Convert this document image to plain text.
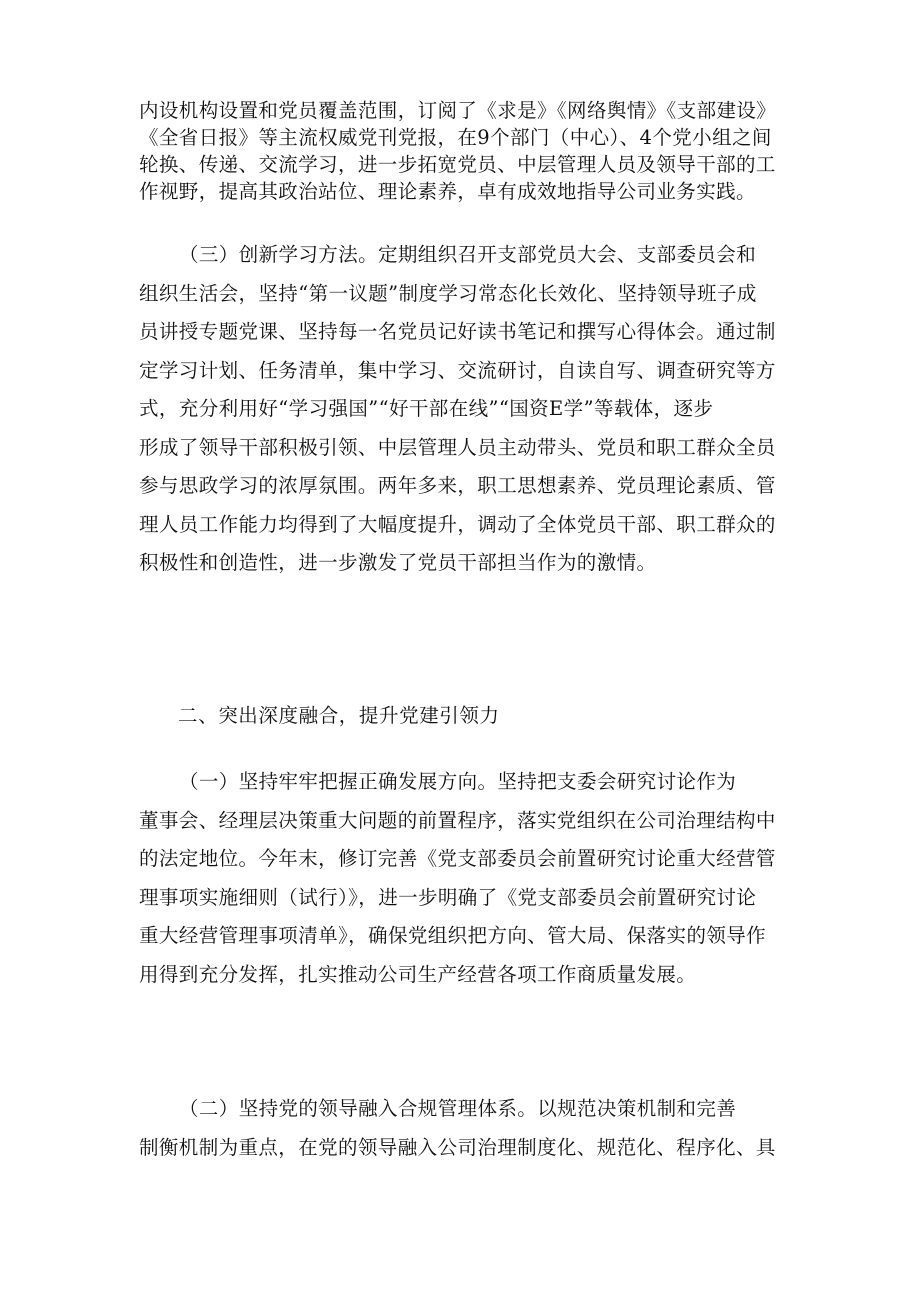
内设机构设置和党员覆盖范围，订阅了《求是》《网络舆情》《支部建设》
《全省日报》等主流权威党刊党报，在9个部门（中心）、4个党小组之间
轮换、传递、交流学习，进一步拓宽党员、中层管理人员及领导干部的工
作视野，提高其政治站位、理论素养，卓有成效地指导公司业务实践。
（三）创新学习方法。定期组织召开支部党员大会、支部委员会和
组织生活会，坚持“第一议题”制度学习常态化长效化、坚持领导班子成
员讲授专题党课、坚持每一名党员记好读书笔记和撰写心得体会。通过制
定学习计划、任务清单，集中学习、交流研讨，自读自写、调查研究等方
式，充分利用好“学习强国”“好干部在线”“国资E学”等载体，逐步
形成了领导干部积极引领、中层管理人员主动带头、党员和职工群众全员
参与思政学习的浓厚氛围。两年多来，职工思想素养、党员理论素质、管
理人员工作能力均得到了大幅度提升，调动了全体党员干部、职工群众的
积极性和创造性，进一步激发了党员干部担当作为的激情。
二、突出深度融合，提升党建引领力
（一）坚持牢牢把握正确发展方向。坚持把支委会研究讨论作为
董事会、经理层决策重大问题的前置程序，落实党组织在公司治理结构中
的法定地位。今年末，修订完善《党支部委员会前置研究讨论重大经营管
理事项实施细则（试行）》，进一步明确了《党支部委员会前置研究讨论
重大经营管理事项清单》，确保党组织把方向、管大局、保落实的领导作
用得到充分发挥，扎实推动公司生产经营各项工作商质量发展。
（二）坚持党的领导融入合规管理体系。以规范决策机制和完善
制衡机制为重点，在党的领导融入公司治理制度化、规范化、程序化、具
